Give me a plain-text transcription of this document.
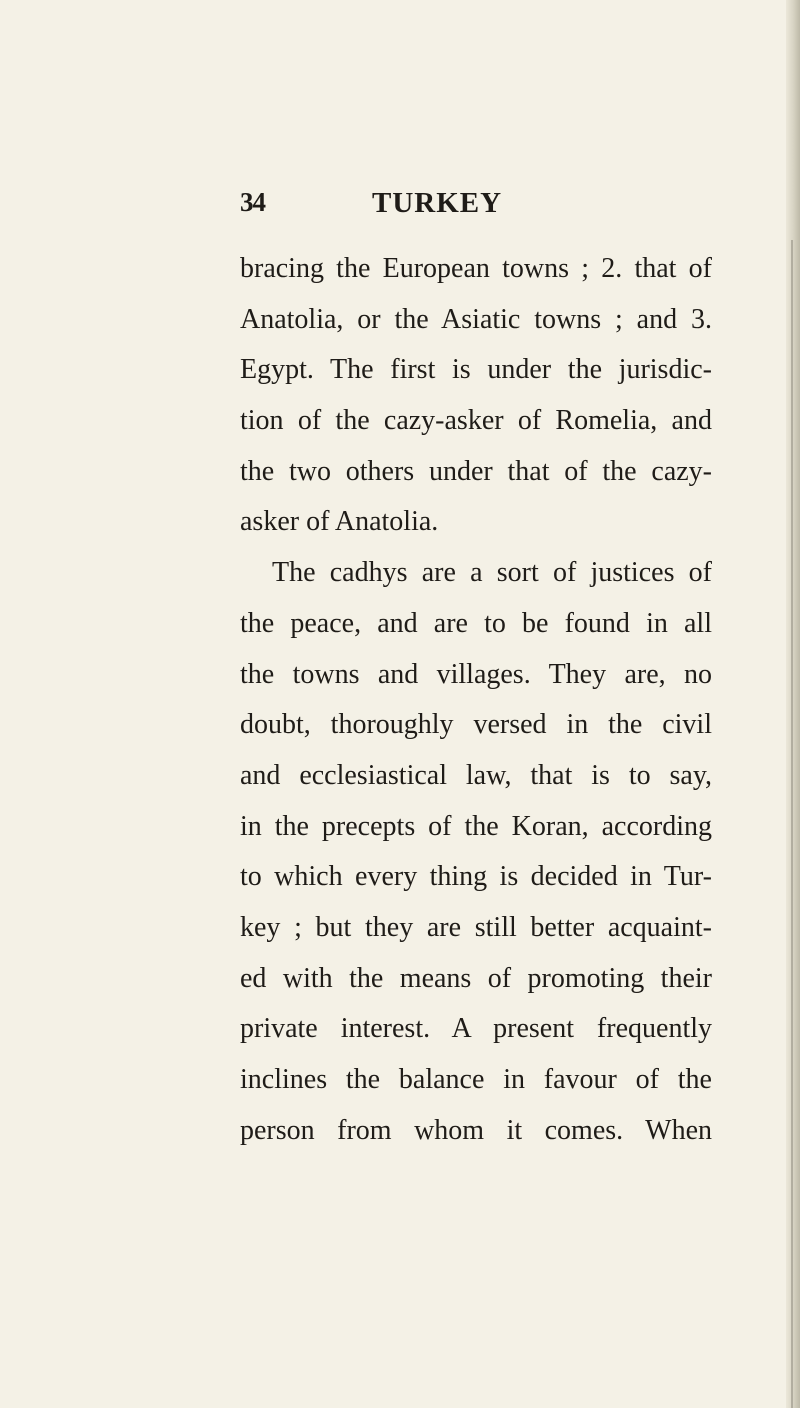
34	TURKEY
bracing the European towns ; 2. that of
Anatolia, or the Asiatic towns ; and 3.
Egypt. The first is under the jurisdic-
tion of the cazy-asker of Romelia, and
the two others under that of the cazy-
asker of Anatolia.
The cadhys are a sort of justices of
the peace, and are to be found in all
the towns and villages. They are, no
doubt, thoroughly versed in the civil
and ecclesiastical law, that is to say,
in the precepts of the Koran, according
to which every thing is decided in Tur-
key ; but they are still better acquaint-
ed with the means of promoting their
private interest. A present frequently
inclines the balance in favour of the
person from whom it comes. When
